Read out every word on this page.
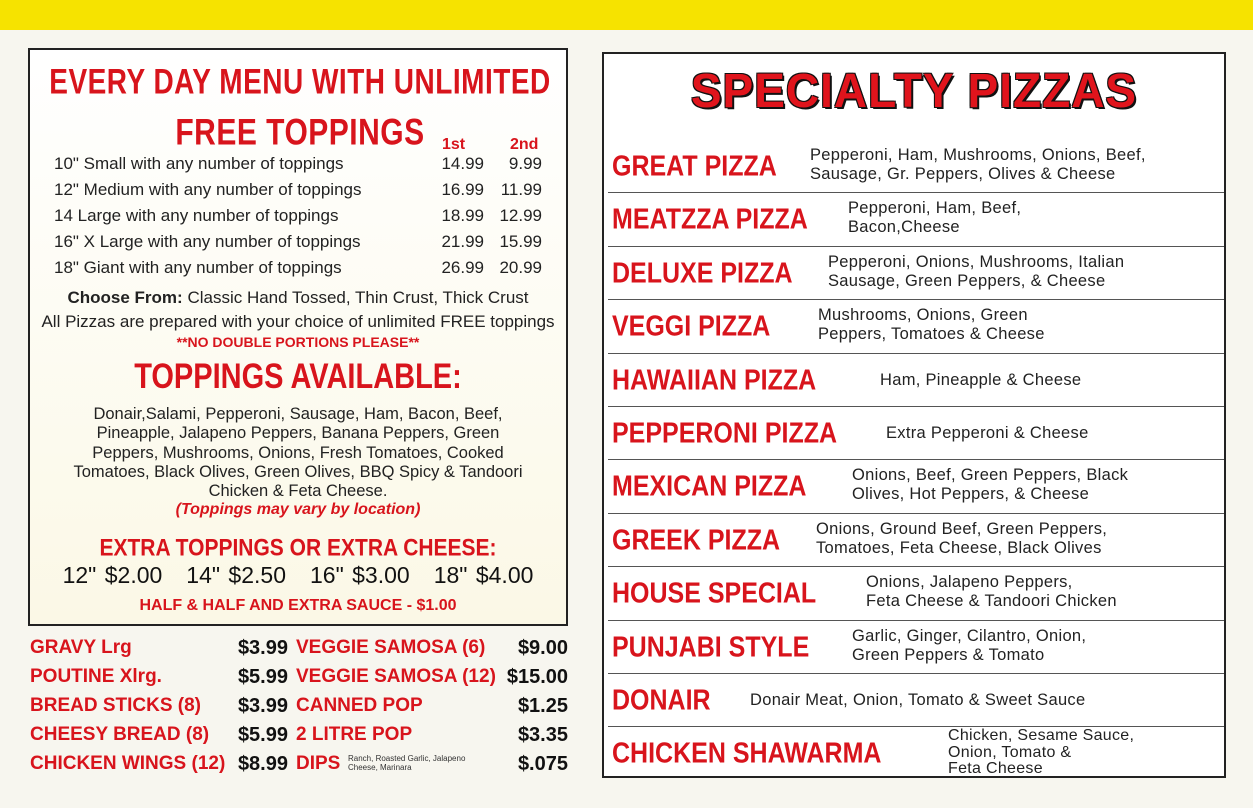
EVERY DAY MENU WITH UNLIMITED
FREE TOPPINGS	1st	2nd
10" Small with any number of toppings	14.99	9.99
12" Medium with any number of toppings	16.99 11.99
14 Large with any number of toppings	18.99 12.99
16" X Large with any number of toppings	21.99 15.99
18" Giant with any number of toppings	26.99 20.99
Choose From: Classic Hand Tossed, Thin Crust, Thick Crust
All Pizzas are prepared with your choice of unlimited FREE toppings
**NO DOUBLE PORTIONS PLEASE**
TOPPINGS AVAILABLE:
Donair,Salami, Pepperoni, Sausage, Ham, Bacon, Beef,
Pineapple, Jalapeno Peppers, Banana Peppers, Green
Peppers, Mushrooms, Onions, Fresh Tomatoes, Cooked
Tomatoes, Black Olives, Green Olives, BBQ Spicy & Tandoori
Chicken & Feta Cheese.
(Toppings may vary by location)
EXTRA TOPPINGS OR EXTRA CHEESE:
12" $2.00 14" $2.50 16" $3.00 18" $4.00
HALF & HALF AND EXTRA SAUCE - $1.00
GRAVY Lrg	$3.99 VEGGIE SAMOSA (6)	$9.00
POUTINE Xlrg.	$5.99 VEGGIE SAMOSA (12) $15.00
BREAD STICKS (8)	$3.99 CANNED POP	$1.25
CHEESY BREAD (8)	$5.99 2 LITRE POP	$3.35
CHICKEN WINGS (12) $8.99 DIPS Ranch, Roasted Garlic, Jalapeno Cheese, Marinara	$.075
SPECIALTY PIZZAS
GREAT PIZZA Pepperoni, Ham, Mushrooms, Onions, Beef,
Sausage, Gr. Peppers, Olives & Cheese
MEATZZA PIZZA Pepperoni, Ham, Beef,
Bacon,Cheese
DELUXE PIZZA Pepperoni, Onions, Mushrooms, Italian
Sausage, Green Peppers, & Cheese
VEGGI PIZZA	Mushrooms, Onions, Green
Peppers, Tomatoes & Cheese
HAWAIIAN PIZZA	Ham, Pineapple & Cheese
PEPPERONI PIZZA	Extra Pepperoni & Cheese
MEXICAN PIZZA	Onions, Beef, Green Peppers, Black
Olives, Hot Peppers, & Cheese
GREEK PIZZA Onions, Ground Beef, Green Peppers,
Tomatoes, Feta Cheese, Black Olives
HOUSE SPECIAL	Onions, Jalapeno Peppers,
Feta Cheese & Tandoori Chicken
PUNJABI STYLE	Garlic, Ginger, Cilantro, Onion,
Green Peppers & Tomato
DONAIR Donair Meat, Onion, Tomato & Sweet Sauce
CHICKEN SHAWARMA
Chicken, Sesame Sauce,
Onion, Tomato &
Feta Cheese
